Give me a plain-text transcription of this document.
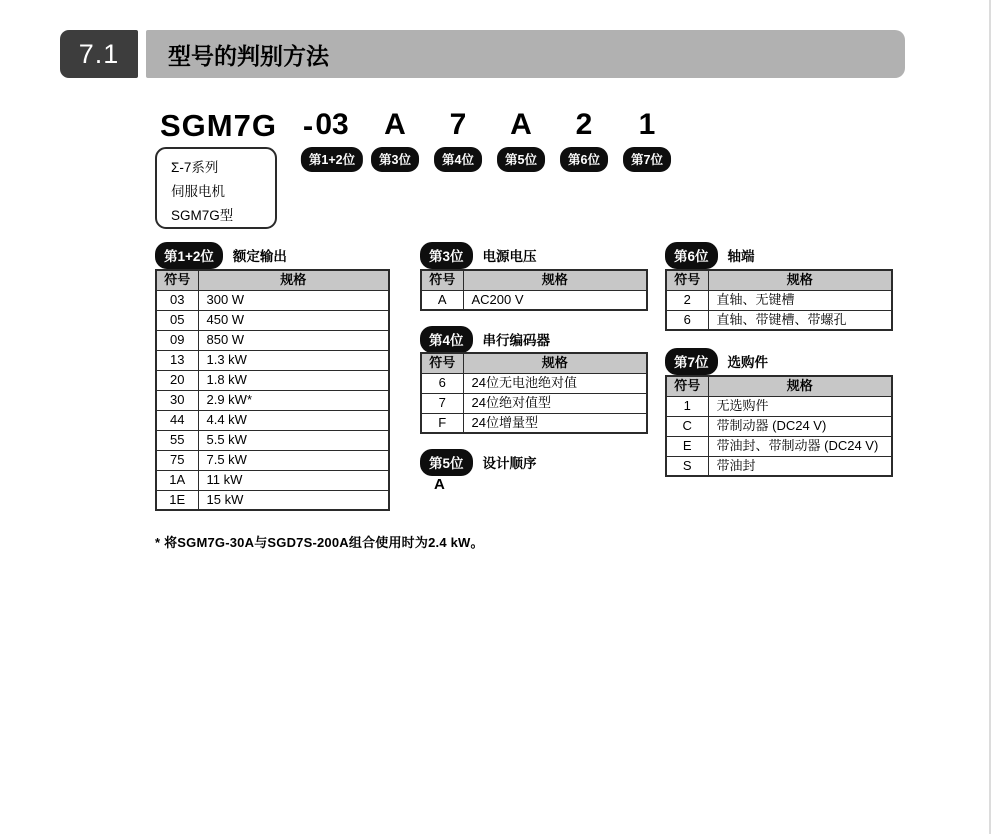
7.1 型号的判别方法
SGM7G - 03 A 7 A 2 1
第1+2位	第3位	第4位	第5位	第6位	第7位
Σ-7系列
伺服电机
SGM7G型
第1+2位	额定输出
符号	规格
03	300 W
05	450 W
09	850 W
13	1.3 kW
20	1.8 kW
30	2.9 kW*
44	4.4 kW
55	5.5 kW
75	7.5 kW
1A	11 kW
1E	15 kW
第3位	电源电压
符号	规格
A	AC200 V
第4位	串行编码器
符号	规格
6	24位无电池绝对值
7	24位绝对值型
F	24位增量型
第5位	设计顺序
A
第6位	轴端
符号	规格
2	直轴、无键槽
6	直轴、带键槽、带螺孔
第7位	选购件
符号	规格
1	无选购件
C	带制动器 (DC24 V)
E	带油封、带制动器 (DC24 V)
S	带油封
* 将SGM7G-30A与SGD7S-200A组合使用时为2.4 kW。
